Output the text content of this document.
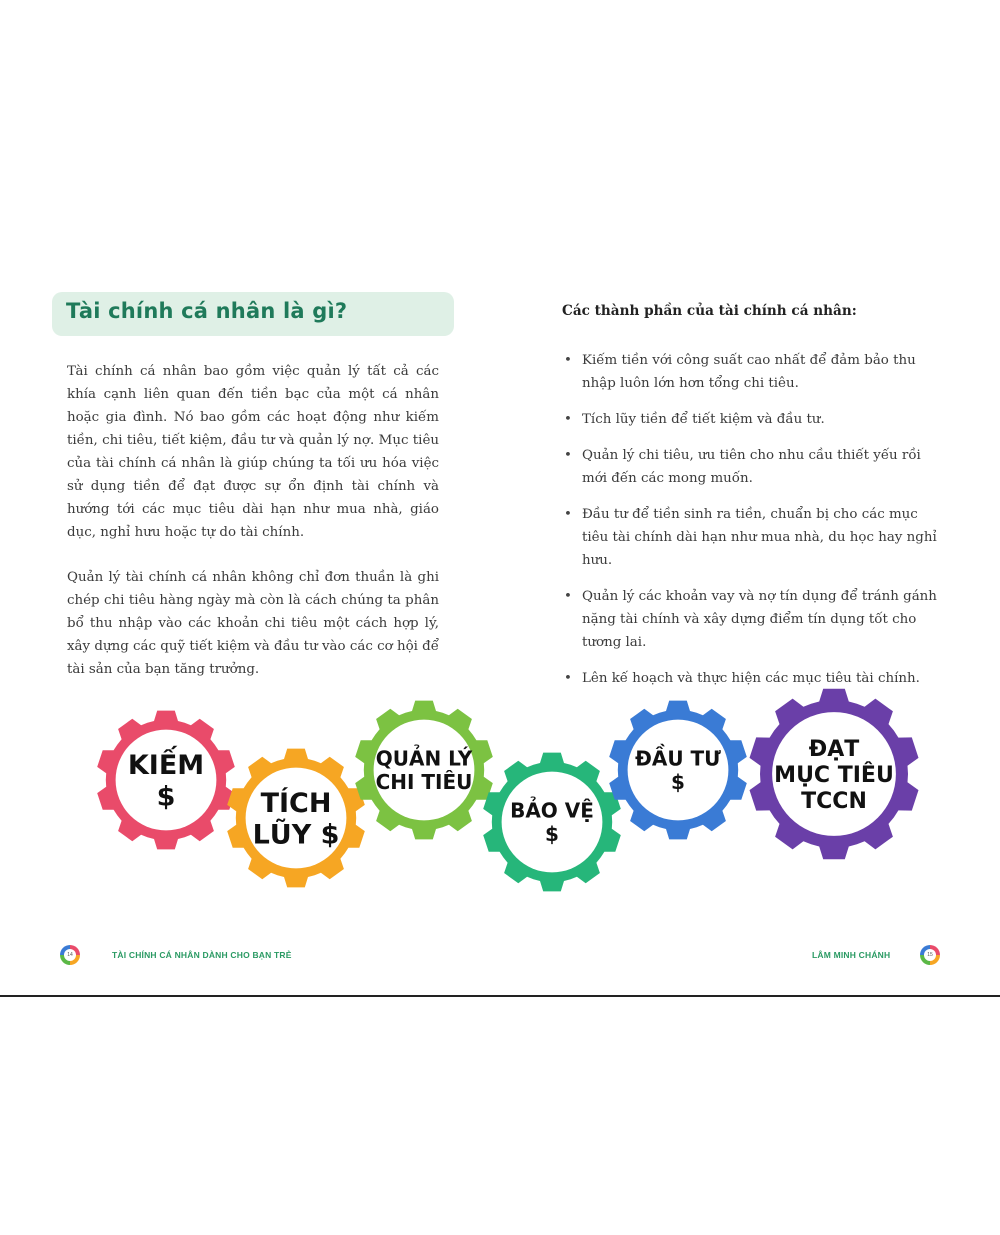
Tài chính cá nhân là gì?

Tài chính cá nhân bao gồm việc quản lý tất cả các khía cạnh liên quan đến tiền bạc của một cá nhân hoặc gia đình. Nó bao gồm các hoạt động như kiếm tiền, chi tiêu, tiết kiệm, đầu tư và quản lý nợ. Mục tiêu của tài chính cá nhân là giúp chúng ta tối ưu hóa việc sử dụng tiền để đạt được sự ổn định tài chính và hướng tới các mục tiêu dài hạn như mua nhà, giáo dục, nghỉ hưu hoặc tự do tài chính.

Quản lý tài chính cá nhân không chỉ đơn thuần là ghi chép chi tiêu hàng ngày mà còn là cách chúng ta phân bổ thu nhập vào các khoản chi tiêu một cách hợp lý, xây dựng các quỹ tiết kiệm và đầu tư vào các cơ hội để tài sản của bạn tăng trưởng.

Các thành phần của tài chính cá nhân:
• Kiếm tiền với công suất cao nhất để đảm bảo thu nhập luôn lớn hơn tổng chi tiêu.
• Tích lũy tiền để tiết kiệm và đầu tư.
• Quản lý chi tiêu, ưu tiên cho nhu cầu thiết yếu rồi mới đến các mong muốn.
• Đầu tư để tiền sinh ra tiền, chuẩn bị cho các mục tiêu tài chính dài hạn như mua nhà, du học hay nghỉ hưu.
• Quản lý các khoản vay và nợ tín dụng để tránh gánh nặng tài chính và xây dựng điểm tín dụng tốt cho tương lai.
• Lên kế hoạch và thực hiện các mục tiêu tài chính.
KIẾM
$	TÍCH
LŨY $
QUẢN LÝ
CHI TIÊU
BẢO VỆ
$
ĐẦU TƯ
$
ĐẠT
MỤC TIÊU
TCCN
14	TÀI CHÍNH CÁ NHÂN DÀNH CHO BẠN TRẺ	LÂM MINH CHÁNH	15
